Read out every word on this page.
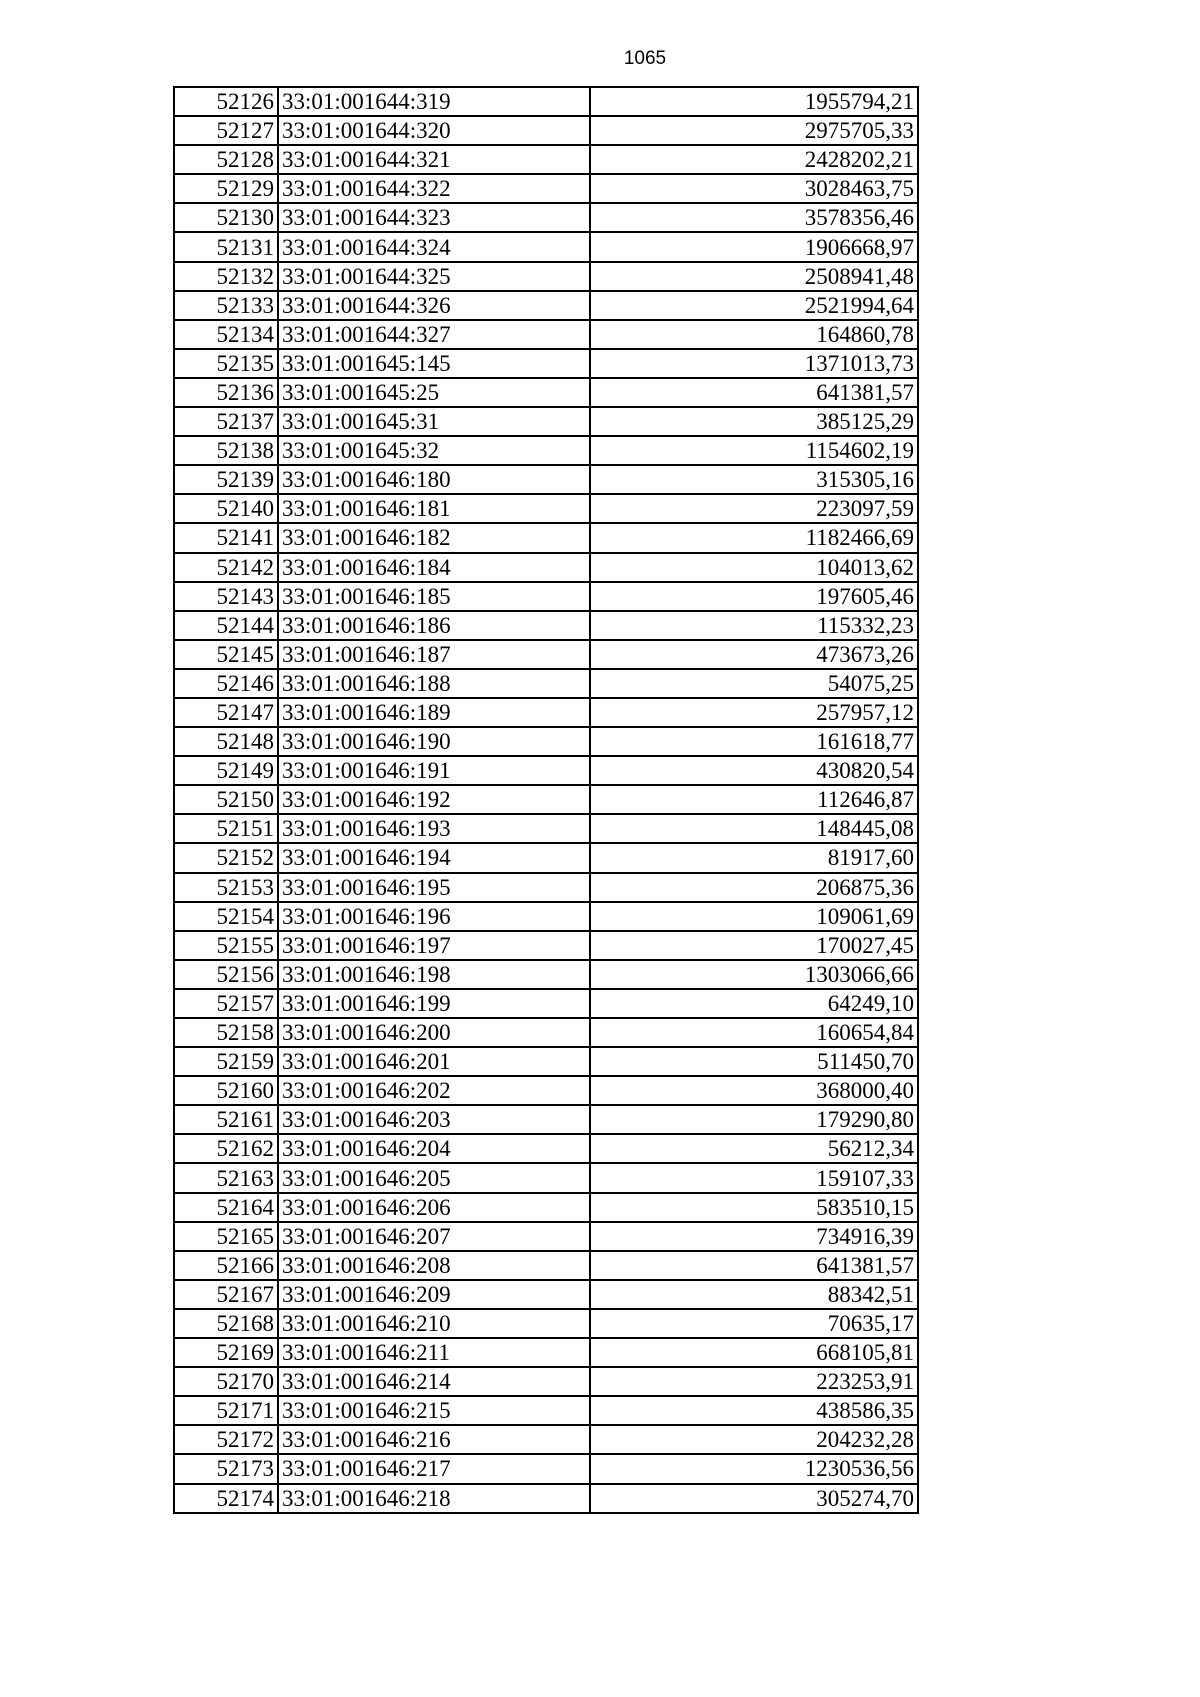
1065
52126	33:01:001644:319	1955794,21
52127	33:01:001644:320	2975705,33
52128	33:01:001644:321	2428202,21
52129	33:01:001644:322	3028463,75
52130	33:01:001644:323	3578356,46
52131	33:01:001644:324	1906668,97
52132	33:01:001644:325	2508941,48
52133	33:01:001644:326	2521994,64
52134	33:01:001644:327	164860,78
52135	33:01:001645:145	1371013,73
52136	33:01:001645:25	641381,57
52137	33:01:001645:31	385125,29
52138	33:01:001645:32	1154602,19
52139	33:01:001646:180	315305,16
52140	33:01:001646:181	223097,59
52141	33:01:001646:182	1182466,69
52142	33:01:001646:184	104013,62
52143	33:01:001646:185	197605,46
52144	33:01:001646:186	115332,23
52145	33:01:001646:187	473673,26
52146	33:01:001646:188	54075,25
52147	33:01:001646:189	257957,12
52148	33:01:001646:190	161618,77
52149	33:01:001646:191	430820,54
52150	33:01:001646:192	112646,87
52151	33:01:001646:193	148445,08
52152	33:01:001646:194	81917,60
52153	33:01:001646:195	206875,36
52154	33:01:001646:196	109061,69
52155	33:01:001646:197	170027,45
52156	33:01:001646:198	1303066,66
52157	33:01:001646:199	64249,10
52158	33:01:001646:200	160654,84
52159	33:01:001646:201	511450,70
52160	33:01:001646:202	368000,40
52161	33:01:001646:203	179290,80
52162	33:01:001646:204	56212,34
52163	33:01:001646:205	159107,33
52164	33:01:001646:206	583510,15
52165	33:01:001646:207	734916,39
52166	33:01:001646:208	641381,57
52167	33:01:001646:209	88342,51
52168	33:01:001646:210	70635,17
52169	33:01:001646:211	668105,81
52170	33:01:001646:214	223253,91
52171	33:01:001646:215	438586,35
52172	33:01:001646:216	204232,28
52173	33:01:001646:217	1230536,56
52174	33:01:001646:218	305274,70
